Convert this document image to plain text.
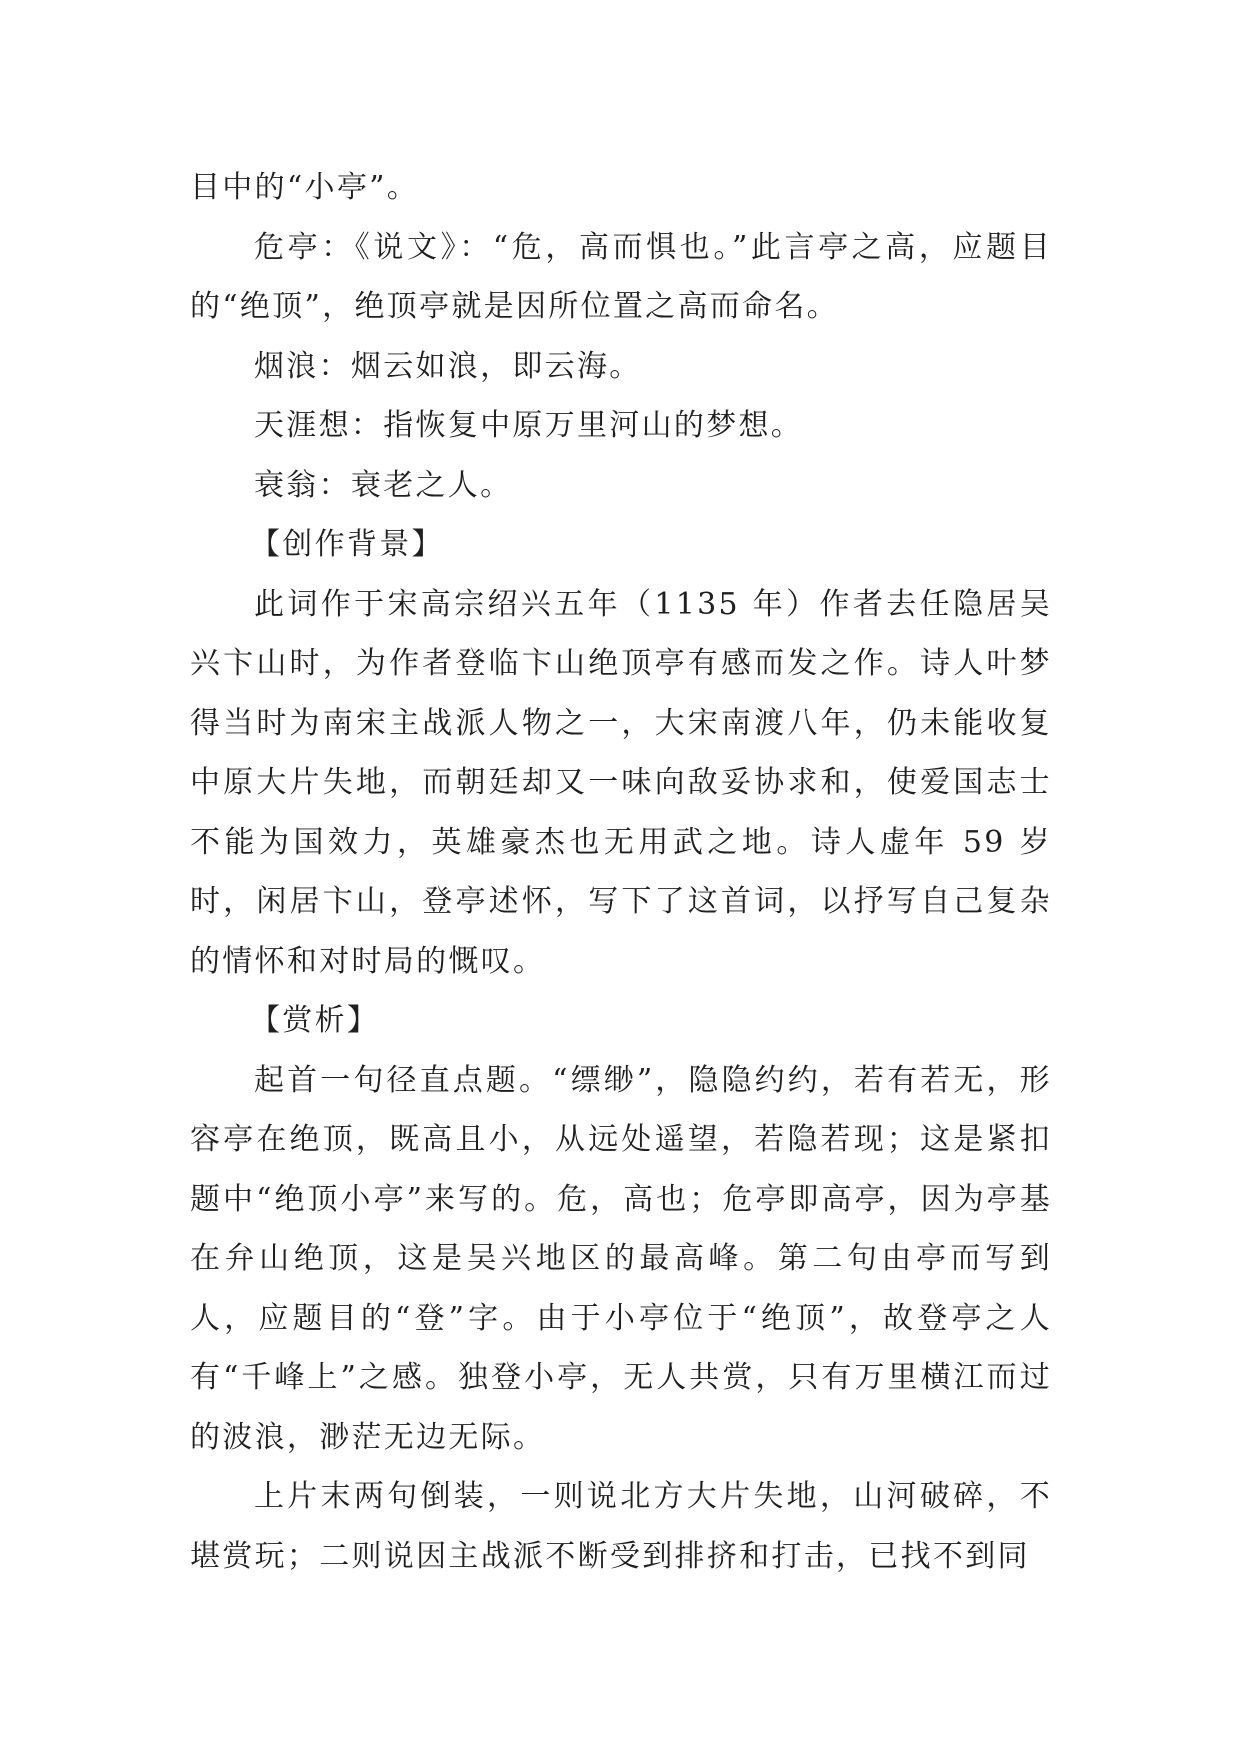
目中的“小亭”。

危亭：《说文》：“危，高而惧也。”此言亭之高，应题目的“绝顶”，绝顶亭就是因所位置之高而命名。

烟浪：烟云如浪，即云海。

天涯想：指恢复中原万里河山的梦想。

衰翁：衰老之人。

【创作背景】

此词作于宋高宗绍兴五年（1135 年）作者去任隐居吴兴卞山时，为作者登临卞山绝顶亭有感而发之作。诗人叶梦得当时为南宋主战派人物之一，大宋南渡八年，仍未能收复中原大片失地，而朝廷却又一味向敌妥协求和，使爱国志士不能为国效力，英雄豪杰也无用武之地。诗人虚年 59 岁时，闲居卞山，登亭述怀，写下了这首词，以抒写自己复杂的情怀和对时局的慨叹。

【赏析】

起首一句径直点题。“缥缈”，隐隐约约，若有若无，形容亭在绝顶，既高且小，从远处遥望，若隐若现；这是紧扣题中“绝顶小亭”来写的。危，高也；危亭即高亭，因为亭基在弁山绝顶，这是吴兴地区的最高峰。第二句由亭而写到人，应题目的“登”字。由于小亭位于“绝顶”，故登亭之人有“千峰上”之感。独登小亭，无人共赏，只有万里横江而过的波浪，渺茫无边无际。

上片末两句倒装，一则说北方大片失地，山河破碎，不堪赏玩；二则说因主战派不断受到排挤和打击，已找不到同
